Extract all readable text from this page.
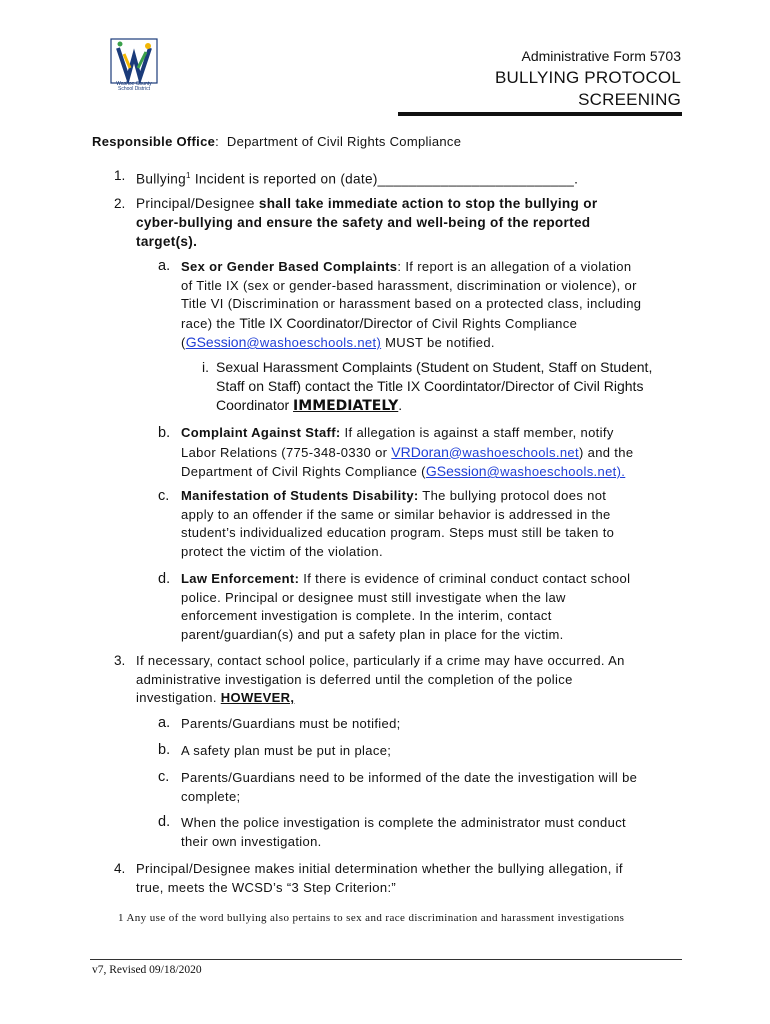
Washoe County School District
Administrative Form 5703
BULLYING PROTOCOL
SCREENING
Responsible Office:  Department of Civil Rights Compliance
1. Bullying$^1$ Incident is reported on (date)_________________________.
2. Principal/Designee shall take immediate action to stop the bullying or
cyber-bullying and ensure the safety and well-being of the reported
target(s).
a. Sex or Gender Based Complaints: If report is an allegation of a violation
of Title IX (sex or gender-based harassment, discrimination or violence), or
Title VI (Discrimination or harassment based on a protected class, including
race) the Title IX Coordinator/Director of Civil Rights Compliance
(GSession@washoeschools.net) MUST be notified.
i. Sexual Harassment Complaints (Student on Student, Staff on Student,
Staff on Staff) contact the Title IX Coordintator/Director of Civil Rights
Coordinator IMMEDIATELY.
b. Complaint Against Staff: If allegation is against a staff member, notify
Labor Relations (775-348-0330 or VRDoran@washoeschools.net) and the
Department of Civil Rights Compliance (GSession@washoeschools.net).
c. Manifestation of Students Disability: The bullying protocol does not
apply to an offender if the same or similar behavior is addressed in the
student’s individualized education program. Steps must still be taken to
protect the victim of the violation.
d. Law Enforcement: If there is evidence of criminal conduct contact school
police. Principal or designee must still investigate when the law
enforcement investigation is complete. In the interim, contact
parent/guardian(s) and put a safety plan in place for the victim.
3. If necessary, contact school police, particularly if a crime may have occurred. An
administrative investigation is deferred until the completion of the police
investigation. HOWEVER,
a. Parents/Guardians must be notified;
b. A safety plan must be put in place;
c. Parents/Guardians need to be informed of the date the investigation will be
complete;
d. When the police investigation is complete the administrator must conduct
their own investigation.
4. Principal/Designee makes initial determination whether the bullying allegation, if
true, meets the WCSD’s “3 Step Criterion:”
1 Any use of the word bullying also pertains to sex and race discrimination and harassment investigations
v7, Revised 09/18/2020
